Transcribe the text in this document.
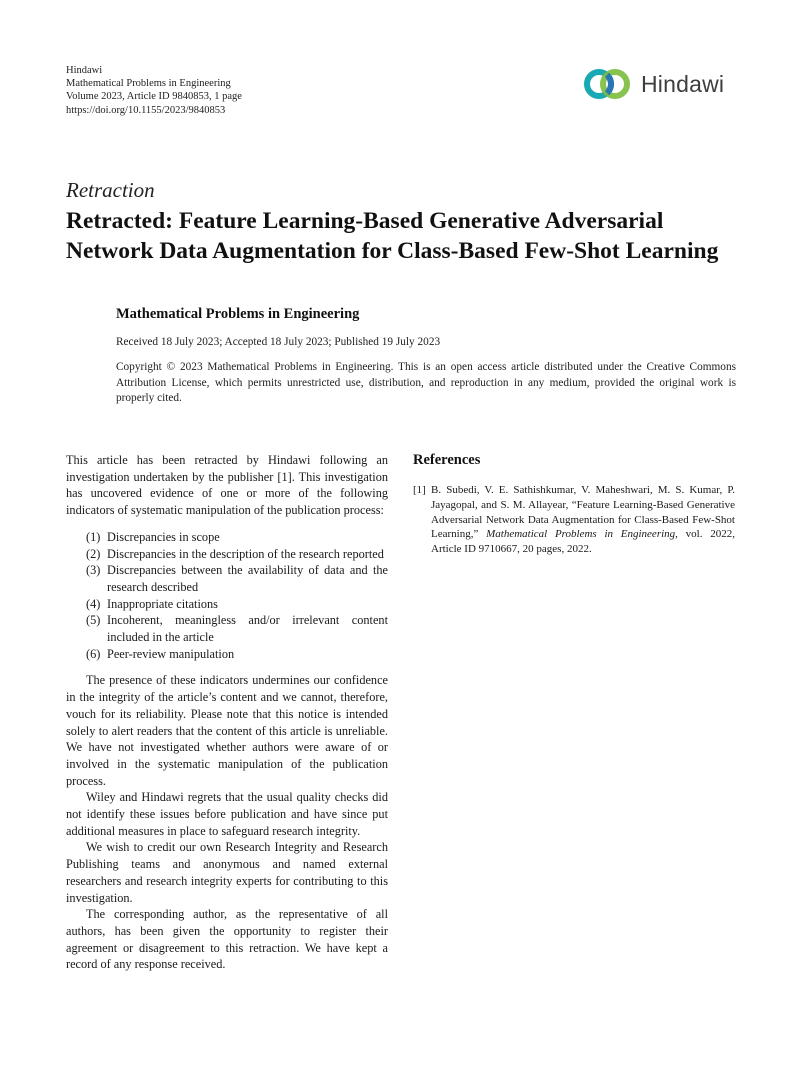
Hindawi
Mathematical Problems in Engineering
Volume 2023, Article ID 9840853, 1 page
https://doi.org/10.1155/2023/9840853
Hindawi
Retraction
Retracted: Feature Learning-Based Generative Adversarial
Network Data Augmentation for Class-Based Few-Shot Learning
Mathematical Problems in Engineering
Received 18 July 2023; Accepted 18 July 2023; Published 19 July 2023
Copyright © 2023 Mathematical Problems in Engineering. This is an open access article distributed under the Creative Commons Attribution License, which permits unrestricted use, distribution, and reproduction in any medium, provided the original work is properly cited.

This article has been retracted by Hindawi following an investigation undertaken by the publisher [1]. This investigation has uncovered evidence of one or more of the following indicators of systematic manipulation of the publication process:

(1) Discrepancies in scope
(2) Discrepancies in the description of the research reported
(3) Discrepancies between the availability of data and the research described
(4) Inappropriate citations
(5) Incoherent, meaningless and/or irrelevant content included in the article
(6) Peer-review manipulation

The presence of these indicators undermines our confidence in the integrity of the article’s content and we cannot, therefore, vouch for its reliability. Please note that this notice is intended solely to alert readers that the content of this article is unreliable. We have not investigated whether authors were aware of or involved in the systematic manipulation of the publication process.

Wiley and Hindawi regrets that the usual quality checks did not identify these issues before publication and have since put additional measures in place to safeguard research integrity.

We wish to credit our own Research Integrity and Research Publishing teams and anonymous and named external researchers and research integrity experts for contributing to this investigation.

The corresponding author, as the representative of all authors, has been given the opportunity to register their agreement or disagreement to this retraction. We have kept a record of any response received.

References
[1] B. Subedi, V. E. Sathishkumar, V. Maheshwari, M. S. Kumar, P. Jayagopal, and S. M. Allayear, “Feature Learning-Based Generative Adversarial Network Data Augmentation for Class-Based Few-Shot Learning,” Mathematical Problems in Engineering, vol. 2022, Article ID 9710667, 20 pages, 2022.
